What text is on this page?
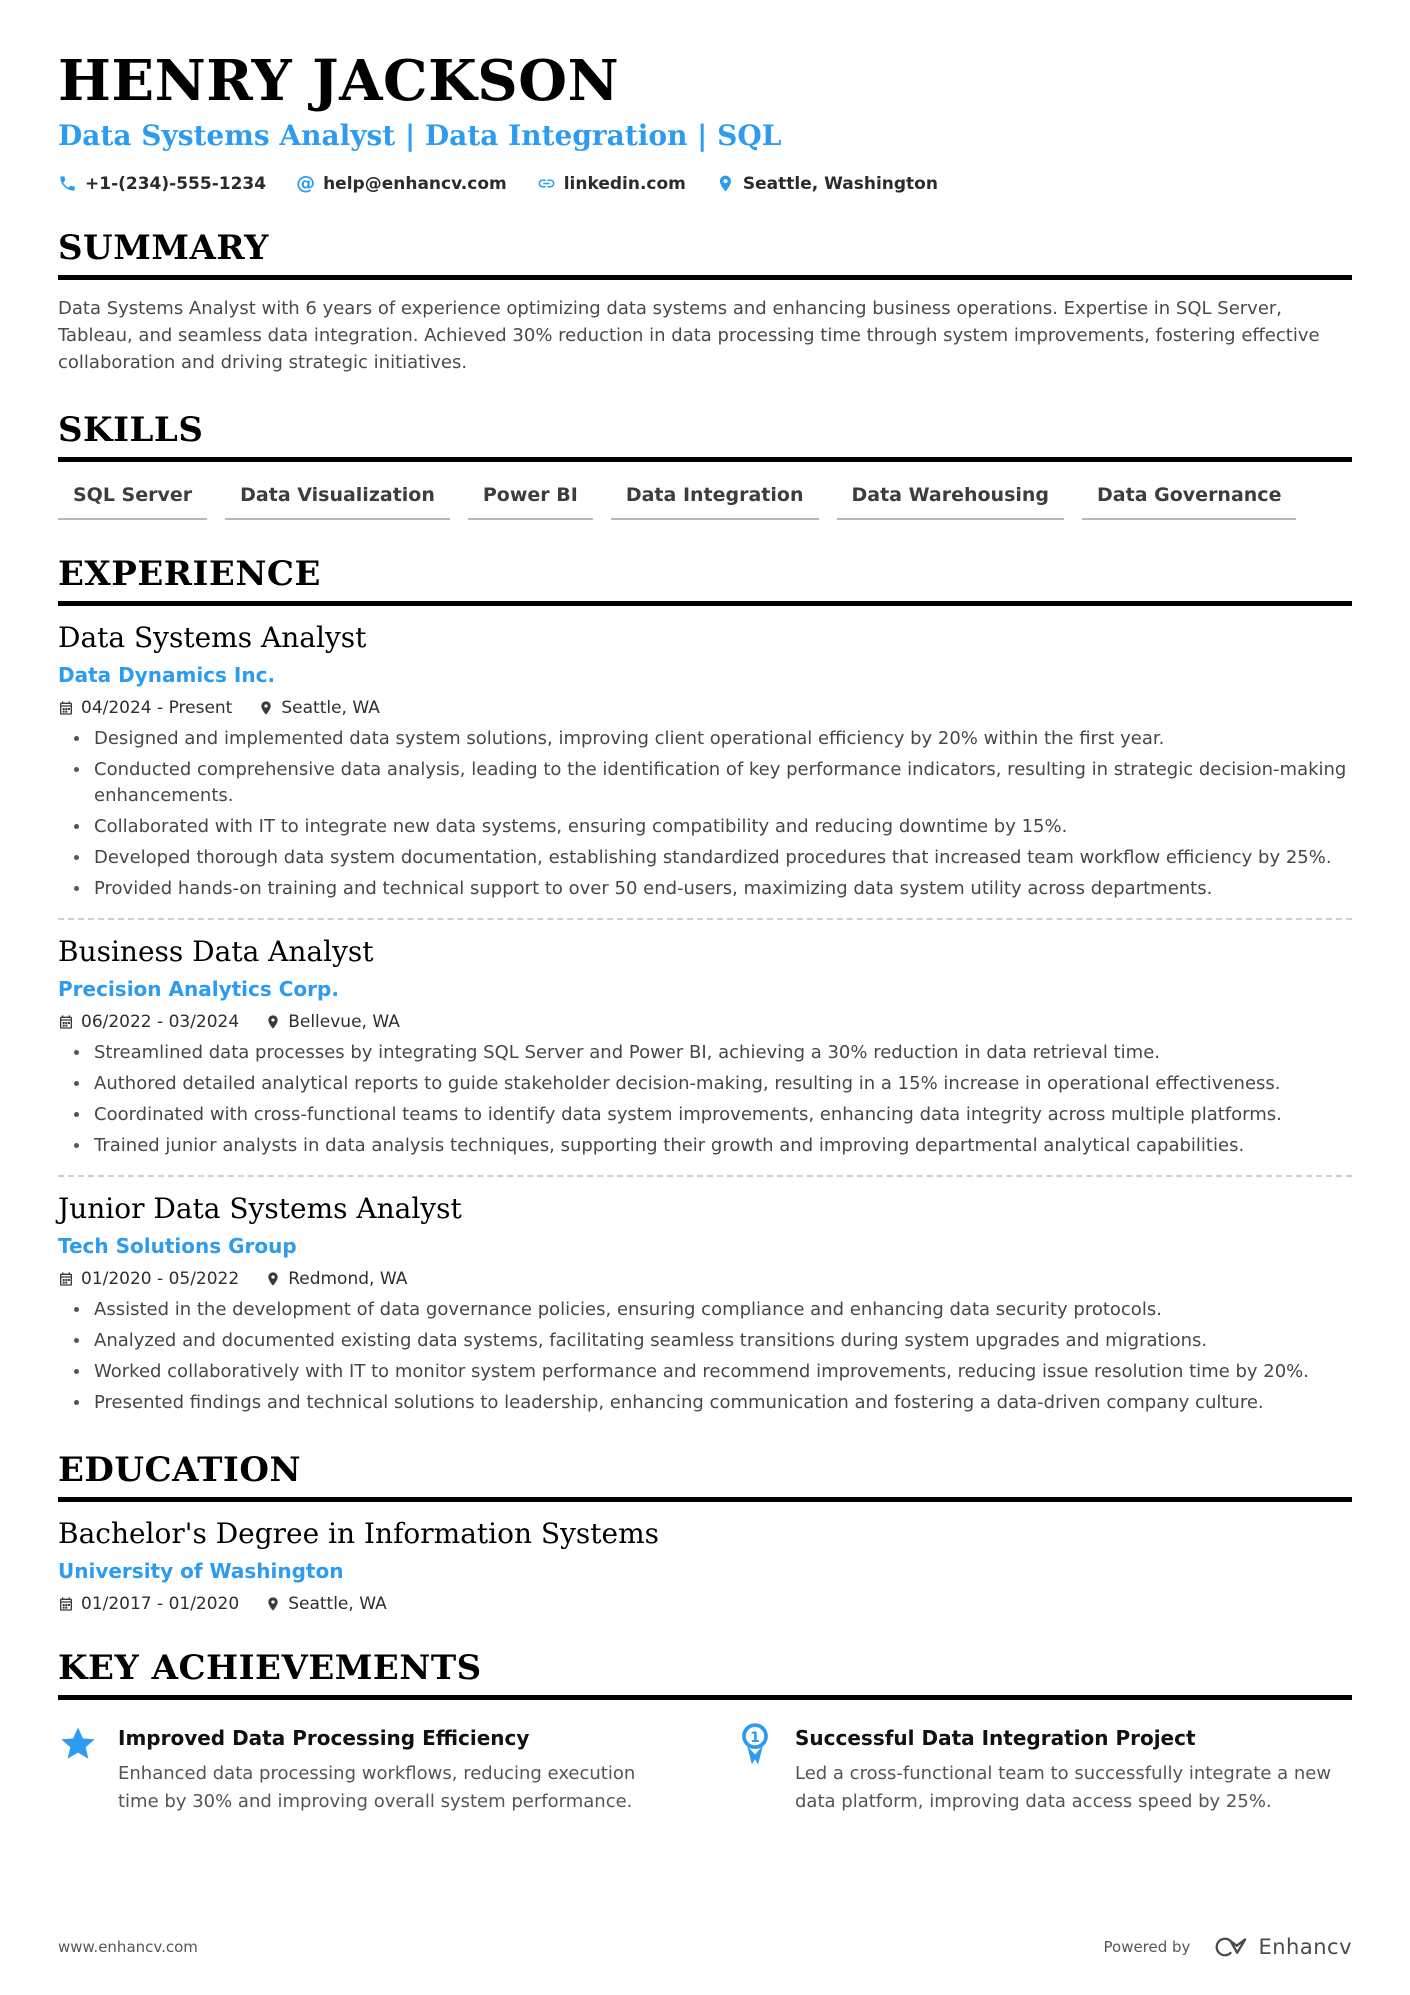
HENRY JACKSON
Data Systems Analyst | Data Integration | SQL
+1-(234)-555-1234 @ help@enhancv.com	linkedin.com	Seattle, Washington
SUMMARY
Data Systems Analyst with 6 years of experience optimizing data systems and enhancing business operations. Expertise in SQL Server, Tableau, and seamless data integration. Achieved 30% reduction in data processing time through system improvements, fostering effective collaboration and driving strategic initiatives.
SKILLS
SQL Server	Data Visualization	Power BI	Data Integration	Data Warehousing	Data Governance
EXPERIENCE
Data Systems Analyst
Data Dynamics Inc.
04/2024 - Present	Seattle, WA
Designed and implemented data system solutions, improving client operational efficiency by 20% within the first year.
Conducted comprehensive data analysis, leading to the identification of key performance indicators, resulting in strategic decision-making enhancements.
Collaborated with IT to integrate new data systems, ensuring compatibility and reducing downtime by 15%.
Developed thorough data system documentation, establishing standardized procedures that increased team workflow efficiency by 25%.
Provided hands-on training and technical support to over 50 end-users, maximizing data system utility across departments.
Business Data Analyst
Precision Analytics Corp.
06/2022 - 03/2024	Bellevue, WA
Streamlined data processes by integrating SQL Server and Power BI, achieving a 30% reduction in data retrieval time.
Authored detailed analytical reports to guide stakeholder decision-making, resulting in a 15% increase in operational effectiveness.
Coordinated with cross-functional teams to identify data system improvements, enhancing data integrity across multiple platforms.
Trained junior analysts in data analysis techniques, supporting their growth and improving departmental analytical capabilities.
Junior Data Systems Analyst
Tech Solutions Group
01/2020 - 05/2022	Redmond, WA
Assisted in the development of data governance policies, ensuring compliance and enhancing data security protocols.
Analyzed and documented existing data systems, facilitating seamless transitions during system upgrades and migrations.
Worked collaboratively with IT to monitor system performance and recommend improvements, reducing issue resolution time by 20%.
Presented findings and technical solutions to leadership, enhancing communication and fostering a data-driven company culture.
EDUCATION
Bachelor's Degree in Information Systems
University of Washington
01/2017 - 01/2020	Seattle, WA
KEY ACHIEVEMENTS
Improved Data Processing Efficiency
Enhanced data processing workflows, reducing execution time by 30% and improving overall system performance.
1 Successful Data Integration Project
Led a cross-functional team to successfully integrate a new data platform, improving data access speed by 25%.
www.enhancv.com	Powered by	Enhancv
